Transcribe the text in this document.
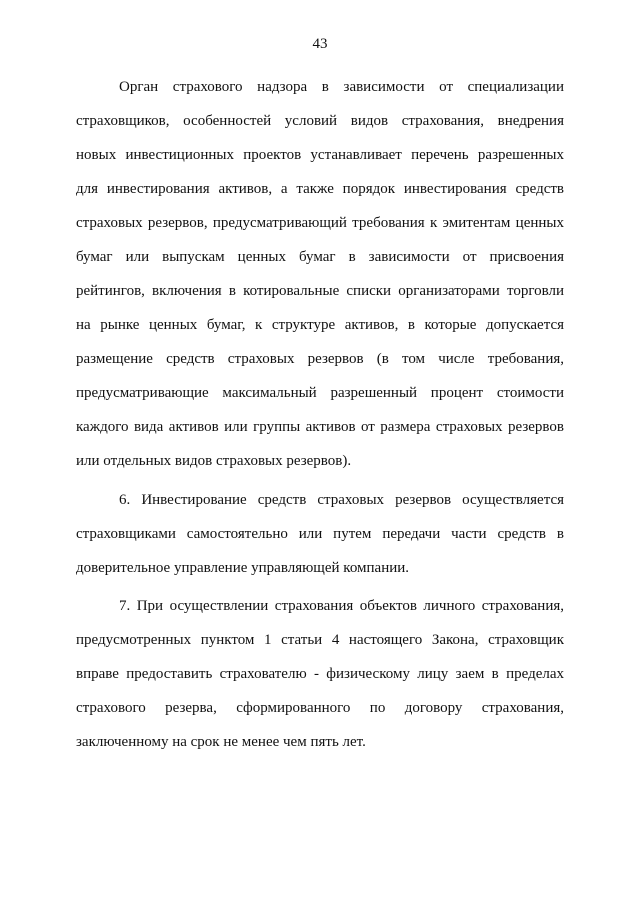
43
Орган страхового надзора в зависимости от специализации
страховщиков, особенностей условий видов страхования, внедрения
новых инвестиционных проектов устанавливает перечень разрешенных
для инвестирования активов, а также порядок инвестирования средств
страховых резервов, предусматривающий требования к эмитентам ценных
бумаг или выпускам ценных бумаг в зависимости от присвоения
рейтингов, включения в котировальные списки организаторами торговли
на рынке ценных бумаг, к структуре активов, в которые допускается
размещение средств страховых резервов (в том числе требования,
предусматривающие максимальный разрешенный процент стоимости
каждого вида активов или группы активов от размера страховых резервов
или отдельных видов страховых резервов).
6. Инвестирование средств страховых резервов осуществляется
страховщиками самостоятельно или путем передачи части средств в
доверительное управление управляющей компании.
7. При осуществлении страхования объектов личного страхования,
предусмотренных пунктом 1 статьи 4 настоящего Закона, страховщик
вправе предоставить страхователю - физическому лицу заем в пределах
страхового резерва, сформированного по договору страхования,
заключенному на срок не менее чем пять лет.
